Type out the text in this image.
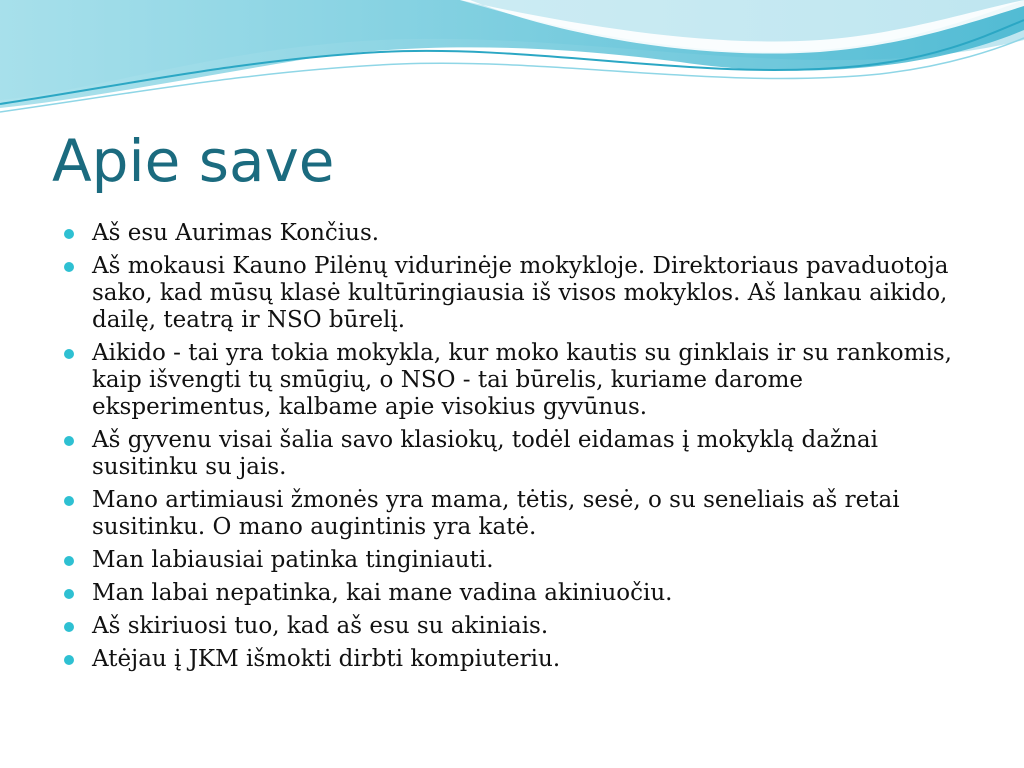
Apie save
Aš esu Aurimas Končius.
Aš mokausi Kauno Pilėnų vidurinėje mokykloje. Direktoriaus pavaduotoja sako, kad mūsų klasė kultūringiausia iš visos mokyklos. Aš lankau aikido, dailę, teatrą ir NSO būrelį.
Aikido - tai yra tokia mokykla, kur moko kautis su ginklais ir su rankomis, kaip išvengti tų smūgių, o NSO - tai būrelis, kuriame darome eksperimentus, kalbame apie visokius gyvūnus.
Aš gyvenu visai šalia savo klasiokų, todėl eidamas į mokyklą dažnai susitinku su jais.
Mano artimiausi žmonės yra mama, tėtis, sesė, o su seneliais aš retai susitinku. O mano augintinis yra katė.
Man labiausiai patinka tinginiauti.
Man labai nepatinka, kai mane vadina akiniuočiu.
Aš skiriuosi tuo, kad aš esu su akiniais.
Atėjau į JKM išmokti dirbti kompiuteriu.
